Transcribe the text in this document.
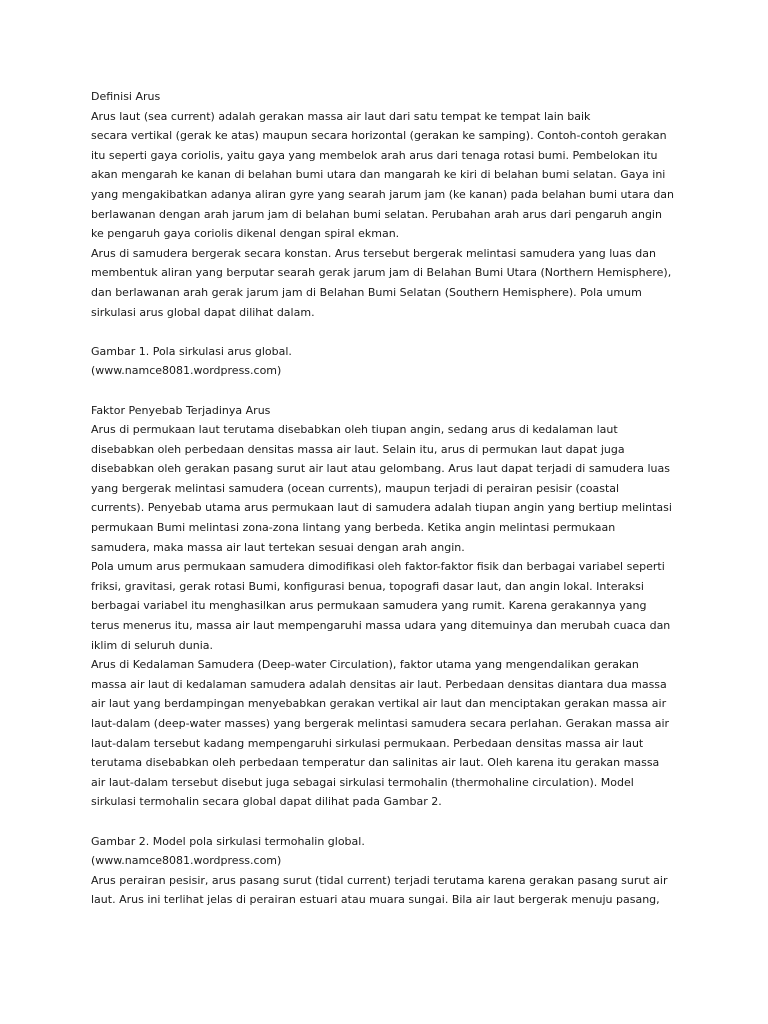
Definisi Arus
Arus laut (sea current) adalah gerakan massa air laut dari satu tempat ke tempat lain baik
secara vertikal (gerak ke atas) maupun secara horizontal (gerakan ke samping). Contoh-contoh gerakan
itu seperti gaya coriolis, yaitu gaya yang membelok arah arus dari tenaga rotasi bumi. Pembelokan itu
akan mengarah ke kanan di belahan bumi utara dan mangarah ke kiri di belahan bumi selatan. Gaya ini
yang mengakibatkan adanya aliran gyre yang searah jarum jam (ke kanan) pada belahan bumi utara dan
berlawanan dengan arah jarum jam di belahan bumi selatan. Perubahan arah arus dari pengaruh angin
ke pengaruh gaya coriolis dikenal dengan spiral ekman.
Arus di samudera bergerak secara konstan. Arus tersebut bergerak melintasi samudera yang luas dan
membentuk aliran yang berputar searah gerak jarum jam di Belahan Bumi Utara (Northern Hemisphere),
dan berlawanan arah gerak jarum jam di Belahan Bumi Selatan (Southern Hemisphere). Pola umum
sirkulasi arus global dapat dilihat dalam.
Gambar 1. Pola sirkulasi arus global.
(www.namce8081.wordpress.com)
Faktor Penyebab Terjadinya Arus
Arus di permukaan laut terutama disebabkan oleh tiupan angin, sedang arus di kedalaman laut
disebabkan oleh perbedaan densitas massa air laut. Selain itu, arus di permukan laut dapat juga
disebabkan oleh gerakan pasang surut air laut atau gelombang. Arus laut dapat terjadi di samudera luas
yang bergerak melintasi samudera (ocean currents), maupun terjadi di perairan pesisir (coastal
currents). Penyebab utama arus permukaan laut di samudera adalah tiupan angin yang bertiup melintasi
permukaan Bumi melintasi zona-zona lintang yang berbeda. Ketika angin melintasi permukaan
samudera, maka massa air laut tertekan sesuai dengan arah angin.
Pola umum arus permukaan samudera dimodifikasi oleh faktor-faktor fisik dan berbagai variabel seperti
friksi, gravitasi, gerak rotasi Bumi, konfigurasi benua, topografi dasar laut, dan angin lokal. Interaksi
berbagai variabel itu menghasilkan arus permukaan samudera yang rumit. Karena gerakannya yang
terus menerus itu, massa air laut mempengaruhi massa udara yang ditemuinya dan merubah cuaca dan
iklim di seluruh dunia.
Arus di Kedalaman Samudera (Deep-water Circulation), faktor utama yang mengendalikan gerakan
massa air laut di kedalaman samudera adalah densitas air laut. Perbedaan densitas diantara dua massa
air laut yang berdampingan menyebabkan gerakan vertikal air laut dan menciptakan gerakan massa air
laut-dalam (deep-water masses) yang bergerak melintasi samudera secara perlahan. Gerakan massa air
laut-dalam tersebut kadang mempengaruhi sirkulasi permukaan. Perbedaan densitas massa air laut
terutama disebabkan oleh perbedaan temperatur dan salinitas air laut. Oleh karena itu gerakan massa
air laut-dalam tersebut disebut juga sebagai sirkulasi termohalin (thermohaline circulation). Model
sirkulasi termohalin secara global dapat dilihat pada Gambar 2.
Gambar 2. Model pola sirkulasi termohalin global.
(www.namce8081.wordpress.com)
Arus perairan pesisir, arus pasang surut (tidal current) terjadi terutama karena gerakan pasang surut air
laut. Arus ini terlihat jelas di perairan estuari atau muara sungai. Bila air laut bergerak menuju pasang,
